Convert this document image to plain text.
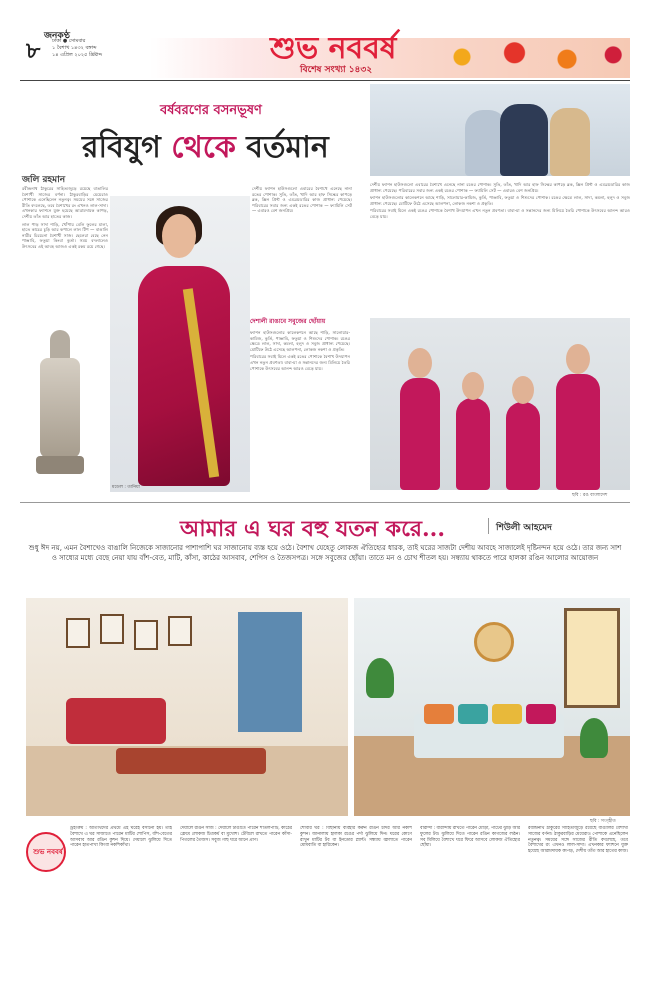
৮
জনকণ্ঠ
ঢাকা ● সোমবার
১ বৈশাখ ১৪৩২ বঙ্গাব্দ
১৪ এপ্রিল ২০২৫ খ্রিষ্টাব্দ	শুভ নববর্ষ
বিশেষ সংখ্যা ১৪৩২
বর্ষবরণের বসনভূষণ
রবিযুগ থেকে বর্তমান
জলি রহমান

রবীন্দ্রনাথ ঠাকুরের সাহিত্যজুড়ে রয়েছে বাঙালির বৈশাখী সাজের বর্ণনা। ঠাকুরবাড়ির মেয়েরাও পোশাকে এনেছিলেন নতুনত্ব। সময়ের সঙ্গে সাজের রীতি বদলেছে, তবে বৈশাখের রং এখনও লাল-সাদা। এখনকার ফ্যাশনে যুক্ত হয়েছে আরামদায়ক কাপড়, দেশীয় তাঁত আর হাতের কাজ।

লাল পাড় সাদা শাড়ি, খোঁপায় বেলি ফুলের মালা, হাতে কাচের চুড়ি আর কপালে লাল টিপ — বাঙালি নারীর চিরচেনা বৈশাখী সাজ। ছেলেরা বেছে নেন পাঞ্জাবি, ফতুয়া কিংবা কুর্তা। সময় বদলালেও উৎসবের এই আবহ আজও একই রকম রয়ে গেছে।

মডেল : তানিয়া

দেশীয় ফ্যাশন হাউসগুলো এবারের বৈশাখে এনেছে নানা রঙের পোশাক। সুতি, তাঁত, খাদি আর হাফ সিল্কের কাপড়ে ব্লক, স্ক্রিন প্রিন্ট ও এমব্রয়ডারির কাজ প্রাধান্য পেয়েছে। পরিবারের সবার জন্য একই রঙের পোশাক — ফ্যামিলি সেট — এবারও বেশ জনপ্রিয়।

দেশালী রাঙাবে সবুজের ছোঁয়ায়

ফ্যাশন হাউসগুলোর কালেকশনে আছে শাড়ি, সালোয়ার-কামিজ, কুর্তি, পাঞ্জাবি, ফতুয়া ও শিশুদের পোশাক। রঙের ক্ষেত্রে লাল, সাদা, কমলা, হলুদ ও সবুজ প্রাধান্য পেয়েছে। মোটিফে উঠে এসেছে আলপনা, লোকজ নকশা ও প্রকৃতি।

পরিবারের সবাই মিলে একই রঙের পোশাকে বৈশাখ উদযাপন এখন নতুন প্রবণতা। বাবা-মা ও সন্তানদের জন্য মিলিয়ে তৈরি পোশাকে উৎসবের আনন্দ আরও বেড়ে যায়।

দেশীয় ফ্যাশন হাউসগুলো এবারের বৈশাখে এনেছে নানা রঙের পোশাক। সুতি, তাঁত, খাদি আর হাফ সিল্কের কাপড়ে ব্লক, স্ক্রিন প্রিন্ট ও এমব্রয়ডারির কাজ প্রাধান্য পেয়েছে। পরিবারের সবার জন্য একই রঙের পোশাক — ফ্যামিলি সেট — এবারও বেশ জনপ্রিয়।

ফ্যাশন হাউসগুলোর কালেকশনে আছে শাড়ি, সালোয়ার-কামিজ, কুর্তি, পাঞ্জাবি, ফতুয়া ও শিশুদের পোশাক। রঙের ক্ষেত্রে লাল, সাদা, কমলা, হলুদ ও সবুজ প্রাধান্য পেয়েছে। মোটিফে উঠে এসেছে আলপনা, লোকজ নকশা ও প্রকৃতি।

পরিবারের সবাই মিলে একই রঙের পোশাকে বৈশাখ উদযাপন এখন নতুন প্রবণতা। বাবা-মা ও সন্তানদের জন্য মিলিয়ে তৈরি পোশাকে উৎসবের আনন্দ আরও বেড়ে যায়।

ছবি : রঙ বাংলাদেশ
আমার এ ঘর বহু যতন করে...	শিউলী আহমেদ
শুধু ঈদ নয়, এমন বৈশাখেও বাঙালি নিজেকে সাজানোর পাশাপাশি ঘর সাজানোয় ব্যস্ত হয়ে ওঠে। বৈশাখ যেহেতু লোকজ ঐতিহ্যের ধারক, তাই ঘরের সাজটা দেশীয় আবহে সাজালেই দৃষ্টিনন্দন হয়ে ওঠে। তার জন্য সাশ ও সাধ্যের মধ্যে বেছে নেয়া যায় বাঁশ-বেত, মাটি, কাঁসা, কাঠের আসবাব, শেপিস ও তৈজসপত্র। সঙ্গে সবুজের ছোঁয়া। তাতে মন ও চোখ শীতল হয়। সন্ধ্যায় থাকতে পারে হালকা রঙিন আলোর আয়োজন
ছবি : সংগৃহীত
শুভ নববর্ষ
ড্রইংরুম : অতিথিদের প্রথমে এই ঘরেই বসানো হয়। তাই বৈশাখে এ ঘর সাজাতে পারেন মাটির শোপিস, বাঁশ-বেতের আসবাব আর রঙিন কুশন দিয়ে। দেয়ালে ঝুলিয়ে দিতে পারেন হাতপাখা কিংবা নকশিকাঁথা।
দেয়ালে রঙিন সাজ : দেয়ালে টাঙাতে পারেন শীতলপাটি, কাঠের ফ্রেমে লোকজ চিত্রকর্ম বা মুখোশ। টেবিলে রাখতে পারেন কাঁসা-পিতলের তৈজস। সবুজ গাছ ঘরে আনে প্রাণ।
শোবার ঘর : বিছানায় ব্যবহার করুন রঙিন চাদর আর নকশি কুশন। জানালায় হালকা রঙের পর্দা ঝুলিয়ে দিন। ঘরের কোণে রাখুন মাটির টব বা ইনডোর প্ল্যান্ট। সন্ধ্যায় জ্বালাতে পারেন মোমবাতি বা হারিকেন।
বারান্দা : বারান্দায় রাখতে পারেন মোড়া, পাটের ঝুড়ি আর ফুলের টব। ঝুলিয়ে দিতে পারেন রঙিন কাগজের লণ্ঠন। সব মিলিয়ে বৈশাখে ঘরে ফিরে আসবে লোকজ ঐতিহ্যের ছোঁয়া।
রবীন্দ্রনাথ ঠাকুরের সাহিত্যজুড়ে রয়েছে বাঙালির বৈশাখী সাজের বর্ণনা। ঠাকুরবাড়ির মেয়েরাও পোশাকে এনেছিলেন নতুনত্ব। সময়ের সঙ্গে সাজের রীতি বদলেছে, তবে বৈশাখের রং এখনও লাল-সাদা। এখনকার ফ্যাশনে যুক্ত হয়েছে আরামদায়ক কাপড়, দেশীয় তাঁত আর হাতের কাজ।
